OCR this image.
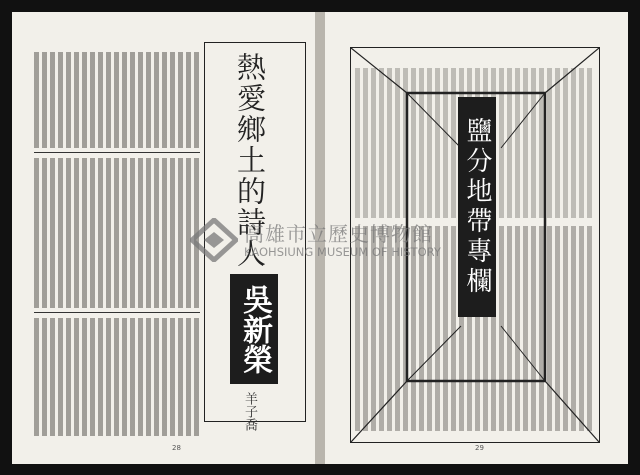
熱愛鄉土的詩人
吳新榮
羊子喬
28
鹽分地帶專欄
29
高雄市立歷史博物館
KAOHSIUNG MUSEUM OF HISTORY
